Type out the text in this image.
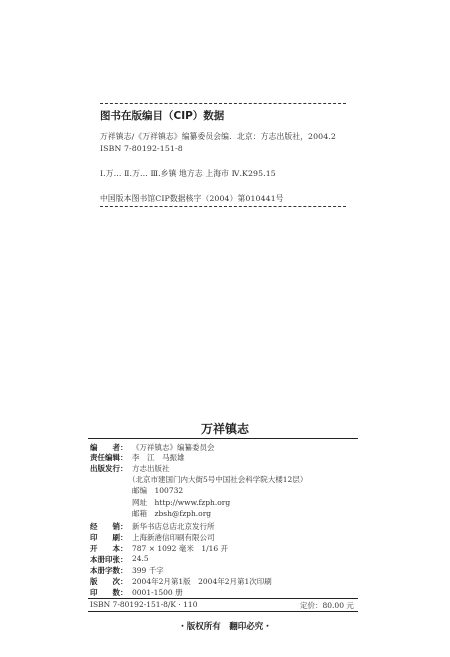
图书在版编目（CIP）数据
万祥镇志/《万祥镇志》编纂委员会编．北京：方志出版社，2004.2
ISBN 7-80192-151-8
Ⅰ.万… Ⅱ.万… Ⅲ.乡镇 地方志 上海市 Ⅳ.K295.15
中国版本图书馆CIP数据核字（2004）第010441号
万祥镇志
编　　者： 《万祥镇志》编纂委员会
责任编辑： 李　江　马振雄
出版发行： 方志出版社
（北京市建国门内大街5号中国社会科学院大楼12层）
邮编　100732
网址　http://www.fzph.org
邮箱　zbsh@fzph.org
经　　销： 新华书店总店北京发行所
印　　刷： 上海新港信印刷有限公司
开　　本： 787 × 1092 毫米　1/16 开
本册印张： 24.5
本册字数： 399 千字
版　　次： 2004年2月第1版　2004年2月第1次印刷
印　　数： 0001-1500 册
ISBN 7-80192-151-8/K · 110	定价：80.00 元
・版权所有　翻印必究・
